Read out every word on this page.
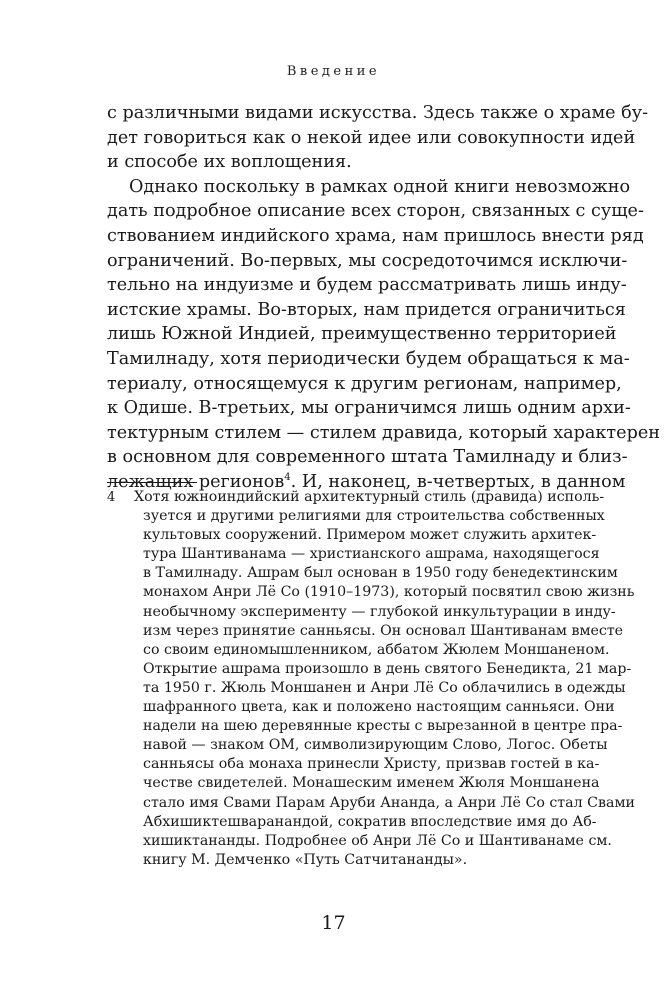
Введение
с различными видами искусства. Здесь также о храме бу-
дет говориться как о некой идее или совокупности идей
и способе их воплощения.
Однако поскольку в рамках одной книги невозможно
дать подробное описание всех сторон, связанных с суще-
ствованием индийского храма, нам пришлось внести ряд
ограничений. Во-первых, мы сосредоточимся исключи-
тельно на индуизме и будем рассматривать лишь инду-
истские храмы. Во-вторых, нам придется ограничиться
лишь Южной Индией, преимущественно территорией
Тамилнаду, хотя периодически будем обращаться к ма-
териалу, относящемуся к другим регионам, например,
к Одише. В-третьих, мы ограничимся лишь одним архи-
тектурным стилем — стилем дравида, который характерен
в основном для современного штата Тамилнаду и близ-
лежащих регионов$^4$. И, наконец, в-четвертых, в данном
4 Хотя южноиндийский архитектурный стиль (дравида) исполь-
зуется и другими религиями для строительства собственных
культовых сооружений. Примером может служить архитек-
тура Шантиванама — христианского ашрама, находящегося
в Тамилнаду. Ашрам был основан в 1950 году бенедектинским
монахом Анри Лё Со (1910–1973), который посвятил свою жизнь
необычному эксперименту — глубокой инкультурации в инду-
изм через принятие санньясы. Он основал Шантиванам вместе
со своим единомышленником, аббатом Жюлем Моншаненом.
Открытие ашрама произошло в день святого Бенедикта, 21 мар-
та 1950 г. Жюль Моншанен и Анри Лё Со облачились в одежды
шафранного цвета, как и положено настоящим санньяси. Они
надели на шею деревянные кресты с вырезанной в центре пра-
навой — знаком ОМ, символизирующим Слово, Логос. Обеты
санньясы оба монаха принесли Христу, призвав гостей в ка-
честве свидетелей. Монашеским именем Жюля Моншанена
стало имя Свами Парам Аруби Ананда, а Анри Лё Со стал Свами
Абхишиктешваранандой, сократив впоследствие имя до Аб-
хишиктананды. Подробнее об Анри Лё Со и Шантиванаме см.
книгу М. Демченко «Путь Сатчитананды».
17
